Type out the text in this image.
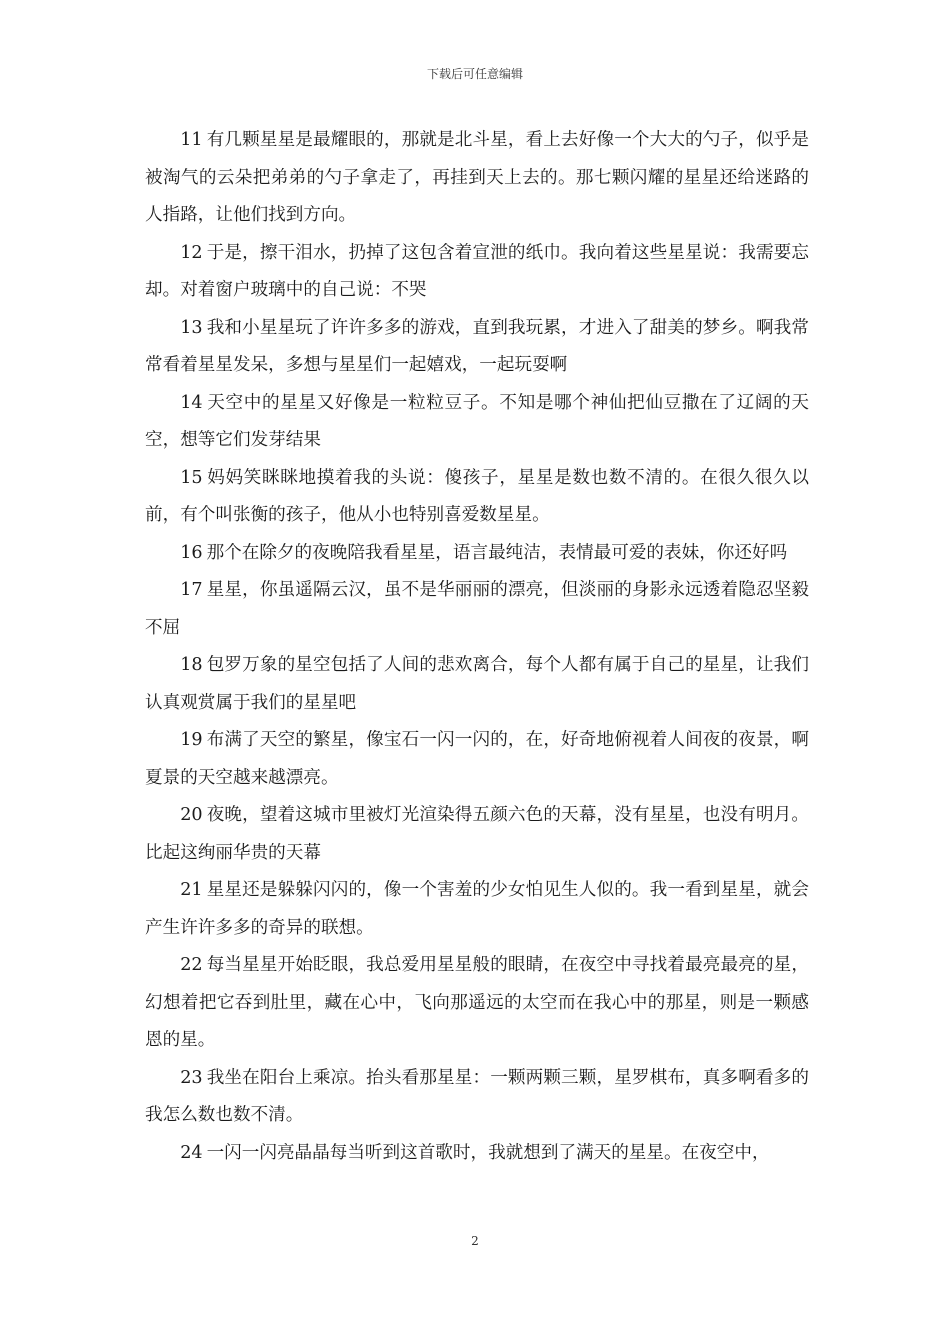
下载后可任意编辑

11 有几颗星星是最耀眼的，那就是北斗星，看上去好像一个大大的勺子，似乎是被淘气的云朵把弟弟的勺子拿走了，再挂到天上去的。那七颗闪耀的星星还给迷路的人指路，让他们找到方向。

12 于是，擦干泪水，扔掉了这包含着宣泄的纸巾。我向着这些星星说：我需要忘却。对着窗户玻璃中的自己说：不哭

13 我和小星星玩了许许多多的游戏，直到我玩累，才进入了甜美的梦乡。啊我常常看着星星发呆，多想与星星们一起嬉戏，一起玩耍啊

14 天空中的星星又好像是一粒粒豆子。不知是哪个神仙把仙豆撒在了辽阔的天空，想等它们发芽结果

15 妈妈笑眯眯地摸着我的头说：傻孩子，星星是数也数不清的。在很久很久以前，有个叫张衡的孩子，他从小也特别喜爱数星星。

16 那个在除夕的夜晚陪我看星星，语言最纯洁，表情最可爱的表妹，你还好吗

17 星星，你虽遥隔云汉，虽不是华丽丽的漂亮，但淡丽的身影永远透着隐忍坚毅不屈

18 包罗万象的星空包括了人间的悲欢离合，每个人都有属于自己的星星，让我们认真观赏属于我们的星星吧

19 布满了天空的繁星，像宝石一闪一闪的，在，好奇地俯视着人间夜的夜景，啊夏景的天空越来越漂亮。

20 夜晚，望着这城市里被灯光渲染得五颜六色的天幕，没有星星，也没有明月。比起这绚丽华贵的天幕

21 星星还是躲躲闪闪的，像一个害羞的少女怕见生人似的。我一看到星星，就会产生许许多多的奇异的联想。

22 每当星星开始眨眼，我总爱用星星般的眼睛，在夜空中寻找着最亮最亮的星，幻想着把它吞到肚里，藏在心中，飞向那遥远的太空而在我心中的那星，则是一颗感恩的星。

23 我坐在阳台上乘凉。抬头看那星星：一颗两颗三颗，星罗棋布，真多啊看多的我怎么数也数不清。

24 一闪一闪亮晶晶每当听到这首歌时，我就想到了满天的星星。在夜空中，

2
